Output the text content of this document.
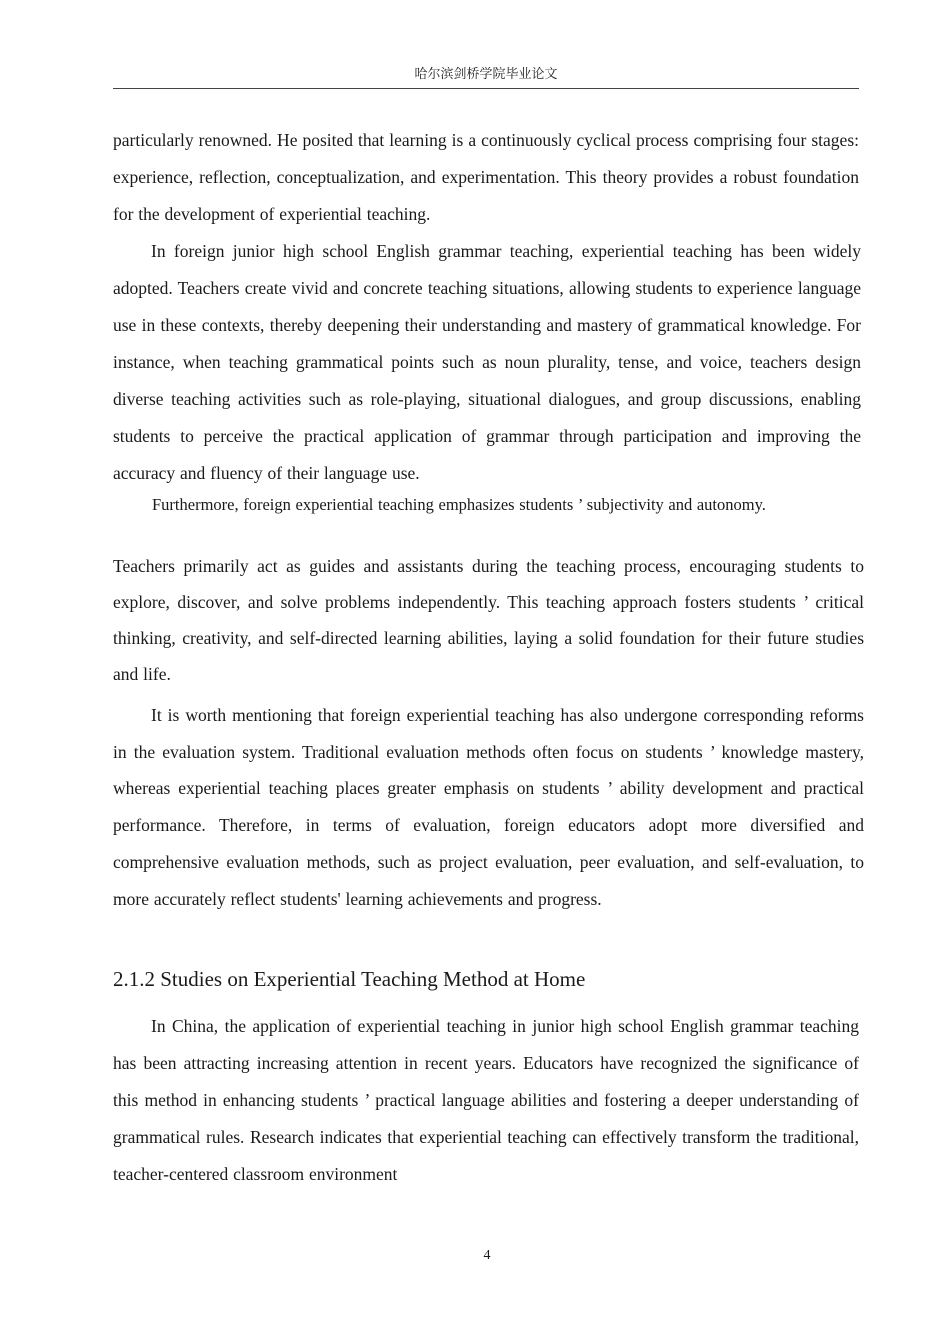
哈尔滨剑桥学院毕业论文

particularly renowned. He posited that learning is a continuously cyclical process comprising four stages: experience, reflection, conceptualization, and experimentation. This theory provides a robust foundation for the development of experiential teaching.

In foreign junior high school English grammar teaching, experiential teaching has been widely adopted. Teachers create vivid and concrete teaching situations, allowing students to experience language use in these contexts, thereby deepening their understanding and mastery of grammatical knowledge. For instance, when teaching grammatical points such as noun plurality, tense, and voice, teachers design diverse teaching activities such as role-playing, situational dialogues, and group discussions, enabling students to perceive the practical application of grammar through participation and improving the accuracy and fluency of their language use.

Furthermore, foreign experiential teaching emphasizes students ’ subjectivity and autonomy.

Teachers primarily act as guides and assistants during the teaching process, encouraging students to explore, discover, and solve problems independently. This teaching approach fosters students ’ critical thinking, creativity, and self-directed learning abilities, laying a solid foundation for their future studies and life.

It is worth mentioning that foreign experiential teaching has also undergone corresponding reforms in the evaluation system. Traditional evaluation methods often focus on students ’ knowledge mastery, whereas experiential teaching places greater emphasis on students ’ ability development and practical performance. Therefore, in terms of evaluation, foreign educators adopt more diversified and comprehensive evaluation methods, such as project evaluation, peer evaluation, and self-evaluation, to more accurately reflect students' learning achievements and progress.

2.1.2 Studies on Experiential Teaching Method at Home

In China, the application of experiential teaching in junior high school English grammar teaching has been attracting increasing attention in recent years. Educators have recognized the significance of this method in enhancing students ’ practical language abilities and fostering a deeper understanding of grammatical rules. Research indicates that experiential teaching can effectively transform the traditional, teacher-centered classroom environment

4
